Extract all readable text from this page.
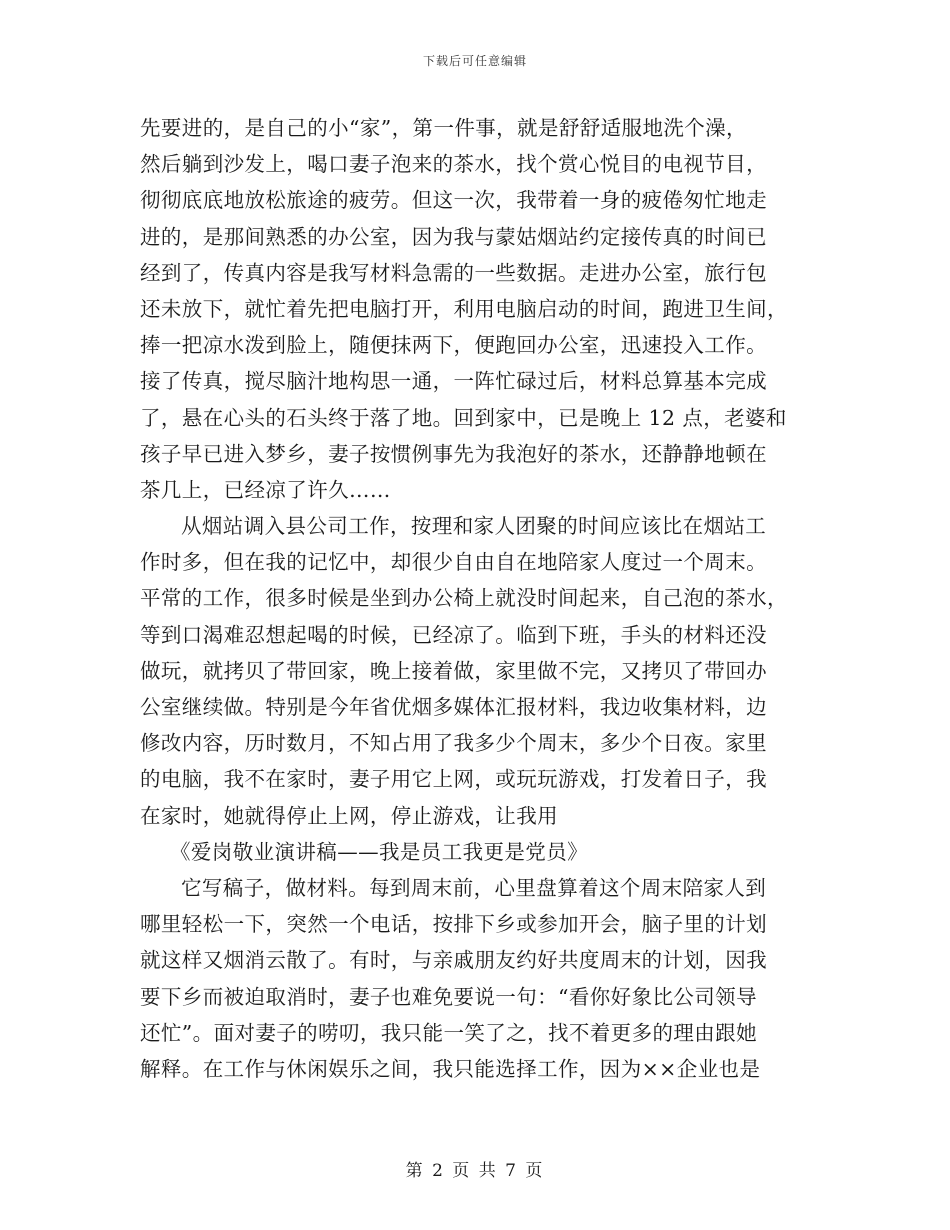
下载后可任意编辑
先要进的，是自己的小“家”，第一件事，就是舒舒适服地洗个澡，
然后躺到沙发上，喝口妻子泡来的茶水，找个赏心悦目的电视节目，
彻彻底底地放松旅途的疲劳。但这一次，我带着一身的疲倦匆忙地走
进的，是那间熟悉的办公室，因为我与蒙姑烟站约定接传真的时间已
经到了，传真内容是我写材料急需的一些数据。走进办公室，旅行包
还未放下，就忙着先把电脑打开，利用电脑启动的时间，跑进卫生间，
捧一把凉水泼到脸上，随便抹两下，便跑回办公室，迅速投入工作。
接了传真，搅尽脑汁地构思一通，一阵忙碌过后，材料总算基本完成
了，悬在心头的石头终于落了地。回到家中，已是晚上 12 点，老婆和
孩子早已进入梦乡，妻子按惯例事先为我泡好的茶水，还静静地顿在
茶几上，已经凉了许久……
从烟站调入县公司工作，按理和家人团聚的时间应该比在烟站工
作时多，但在我的记忆中，却很少自由自在地陪家人度过一个周末。
平常的工作，很多时候是坐到办公椅上就没时间起来，自己泡的茶水，
等到口渴难忍想起喝的时候，已经凉了。临到下班，手头的材料还没
做玩，就拷贝了带回家，晚上接着做，家里做不完，又拷贝了带回办
公室继续做。特别是今年省优烟多媒体汇报材料，我边收集材料，边
修改内容，历时数月，不知占用了我多少个周末，多少个日夜。家里
的电脑，我不在家时，妻子用它上网，或玩玩游戏，打发着日子，我
在家时，她就得停止上网，停止游戏，让我用
《爱岗敬业演讲稿——我是员工我更是党员》
它写稿子，做材料。每到周末前，心里盘算着这个周末陪家人到
哪里轻松一下，突然一个电话，按排下乡或参加开会，脑子里的计划
就这样又烟消云散了。有时，与亲戚朋友约好共度周末的计划，因我
要下乡而被迫取消时，妻子也难免要说一句：“看你好象比公司领导
还忙”。面对妻子的唠叨，我只能一笑了之，找不着更多的理由跟她
解释。在工作与休闲娱乐之间，我只能选择工作，因为××企业也是
第 2 页 共 7 页
